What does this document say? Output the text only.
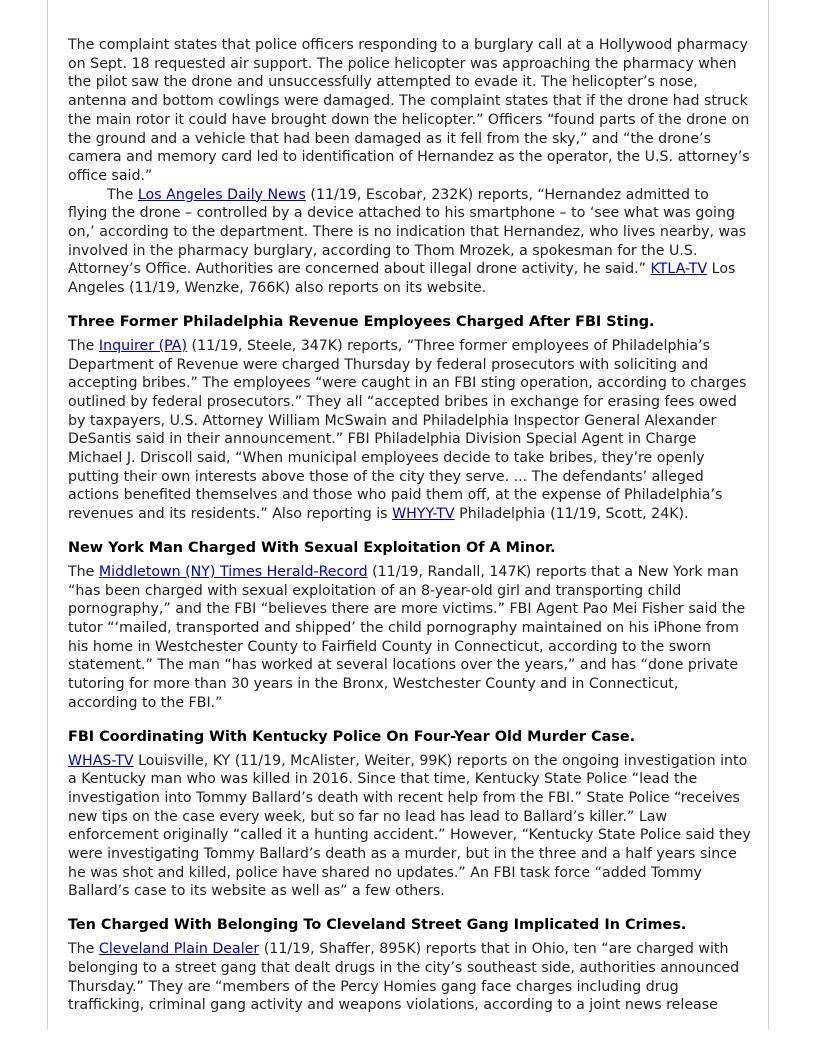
The complaint states that police officers responding to a burglary call at a Hollywood pharmacy on Sept. 18 requested air support. The police helicopter was approaching the pharmacy when the pilot saw the drone and unsuccessfully attempted to evade it. The helicopter’s nose, antenna and bottom cowlings were damaged. The complaint states that if the drone had struck the main rotor it could have brought down the helicopter.” Officers “found parts of the drone on the ground and a vehicle that had been damaged as it fell from the sky,” and “the drone’s camera and memory card led to identification of Hernandez as the operator, the U.S. attorney’s office said.”

The Los Angeles Daily News (11/19, Escobar, 232K) reports, “Hernandez admitted to flying the drone – controlled by a device attached to his smartphone – to ‘see what was going on,’ according to the department. There is no indication that Hernandez, who lives nearby, was involved in the pharmacy burglary, according to Thom Mrozek, a spokesman for the U.S. Attorney’s Office. Authorities are concerned about illegal drone activity, he said.” KTLA-TV Los Angeles (11/19, Wenzke, 766K) also reports on its website.

Three Former Philadelphia Revenue Employees Charged After FBI Sting.

The Inquirer (PA) (11/19, Steele, 347K) reports, “Three former employees of Philadelphia’s Department of Revenue were charged Thursday by federal prosecutors with soliciting and accepting bribes.” The employees “were caught in an FBI sting operation, according to charges outlined by federal prosecutors.” They all “accepted bribes in exchange for erasing fees owed by taxpayers, U.S. Attorney William McSwain and Philadelphia Inspector General Alexander DeSantis said in their announcement.” FBI Philadelphia Division Special Agent in Charge Michael J. Driscoll said, “When municipal employees decide to take bribes, they’re openly putting their own interests above those of the city they serve. ... The defendants’ alleged actions benefited themselves and those who paid them off, at the expense of Philadelphia’s revenues and its residents.” Also reporting is WHYY-TV Philadelphia (11/19, Scott, 24K).

New York Man Charged With Sexual Exploitation Of A Minor.

The Middletown (NY) Times Herald-Record (11/19, Randall, 147K) reports that a New York man “has been charged with sexual exploitation of an 8-year-old girl and transporting child pornography,” and the FBI “believes there are more victims.” FBI Agent Pao Mei Fisher said the tutor “‘mailed, transported and shipped’ the child pornography maintained on his iPhone from his home in Westchester County to Fairfield County in Connecticut, according to the sworn statement.” The man “has worked at several locations over the years,” and has “done private tutoring for more than 30 years in the Bronx, Westchester County and in Connecticut, according to the FBI.”

FBI Coordinating With Kentucky Police On Four-Year Old Murder Case.

WHAS-TV Louisville, KY (11/19, McAlister, Weiter, 99K) reports on the ongoing investigation into a Kentucky man who was killed in 2016. Since that time, Kentucky State Police “lead the investigation into Tommy Ballard’s death with recent help from the FBI.” State Police “receives new tips on the case every week, but so far no lead has lead to Ballard’s killer.” Law enforcement originally “called it a hunting accident.” However, “Kentucky State Police said they were investigating Tommy Ballard’s death as a murder, but in the three and a half years since he was shot and killed, police have shared no updates.” An FBI task force “added Tommy Ballard’s case to its website as well as” a few others.

Ten Charged With Belonging To Cleveland Street Gang Implicated In Crimes.

The Cleveland Plain Dealer (11/19, Shaffer, 895K) reports that in Ohio, ten “are charged with belonging to a street gang that dealt drugs in the city’s southeast side, authorities announced Thursday.” They are “members of the Percy Homies gang face charges including drug trafficking, criminal gang activity and weapons violations, according to a joint news release
